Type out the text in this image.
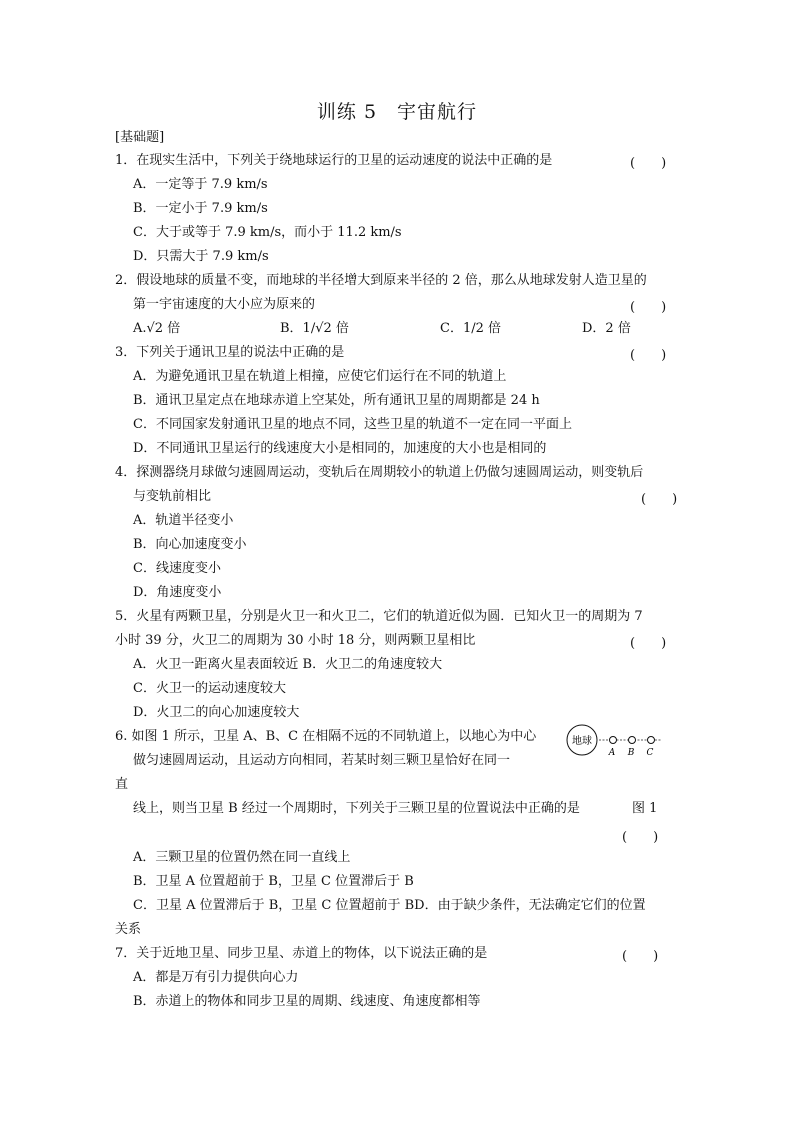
训练 5　宇宙航行
[基础题]
1．在现实生活中，下列关于绕地球运行的卫星的运动速度的说法中正确的是	(　　)
A．一定等于 7.9 km/s
B．一定小于 7.9 km/s
C．大于或等于 7.9 km/s，而小于 11.2 km/s
D．只需大于 7.9 km/s
2．假设地球的质量不变，而地球的半径增大到原来半径的 2 倍，那么从地球发射人造卫星的
第一宇宙速度的大小应为原来的	(　　)
A.√2 倍	B．1/√2 倍	C．1/2 倍	D．2 倍
3．下列关于通讯卫星的说法中正确的是	(　　)
A．为避免通讯卫星在轨道上相撞，应使它们运行在不同的轨道上
B．通讯卫星定点在地球赤道上空某处，所有通讯卫星的周期都是 24 h
C．不同国家发射通讯卫星的地点不同，这些卫星的轨道不一定在同一平面上
D．不同通讯卫星运行的线速度大小是相同的，加速度的大小也是相同的
4．探测器绕月球做匀速圆周运动，变轨后在周期较小的轨道上仍做匀速圆周运动，则变轨后
与变轨前相比	(　　)
A．轨道半径变小
B．向心加速度变小
C．线速度变小
D．角速度变小
5．火星有两颗卫星，分别是火卫一和火卫二，它们的轨道近似为圆．已知火卫一的周期为 7
小时 39 分，火卫二的周期为 30 小时 18 分，则两颗卫星相比	(　　)
A．火卫一距离火星表面较近 B．火卫二的角速度较大
C．火卫一的运动速度较大
D．火卫二的向心加速度较大
6. 如图 1 所示，卫星 A、B、C 在相隔不远的不同轨道上，以地心为中心
做匀速圆周运动，且运动方向相同，若某时刻三颗卫星恰好在同一
直
线上，则当卫星 B 经过一个周期时，下列关于三颗卫星的位置说法中正确的是	图 1
(　　)
A．三颗卫星的位置仍然在同一直线上
B．卫星 A 位置超前于 B，卫星 C 位置滞后于 B
C．卫星 A 位置滞后于 B，卫星 C 位置超前于 BD．由于缺少条件，无法确定它们的位置
关系
地球
A B C
7．关于近地卫星、同步卫星、赤道上的物体，以下说法正确的是	(　　)
A．都是万有引力提供向心力
B．赤道上的物体和同步卫星的周期、线速度、角速度都相等
